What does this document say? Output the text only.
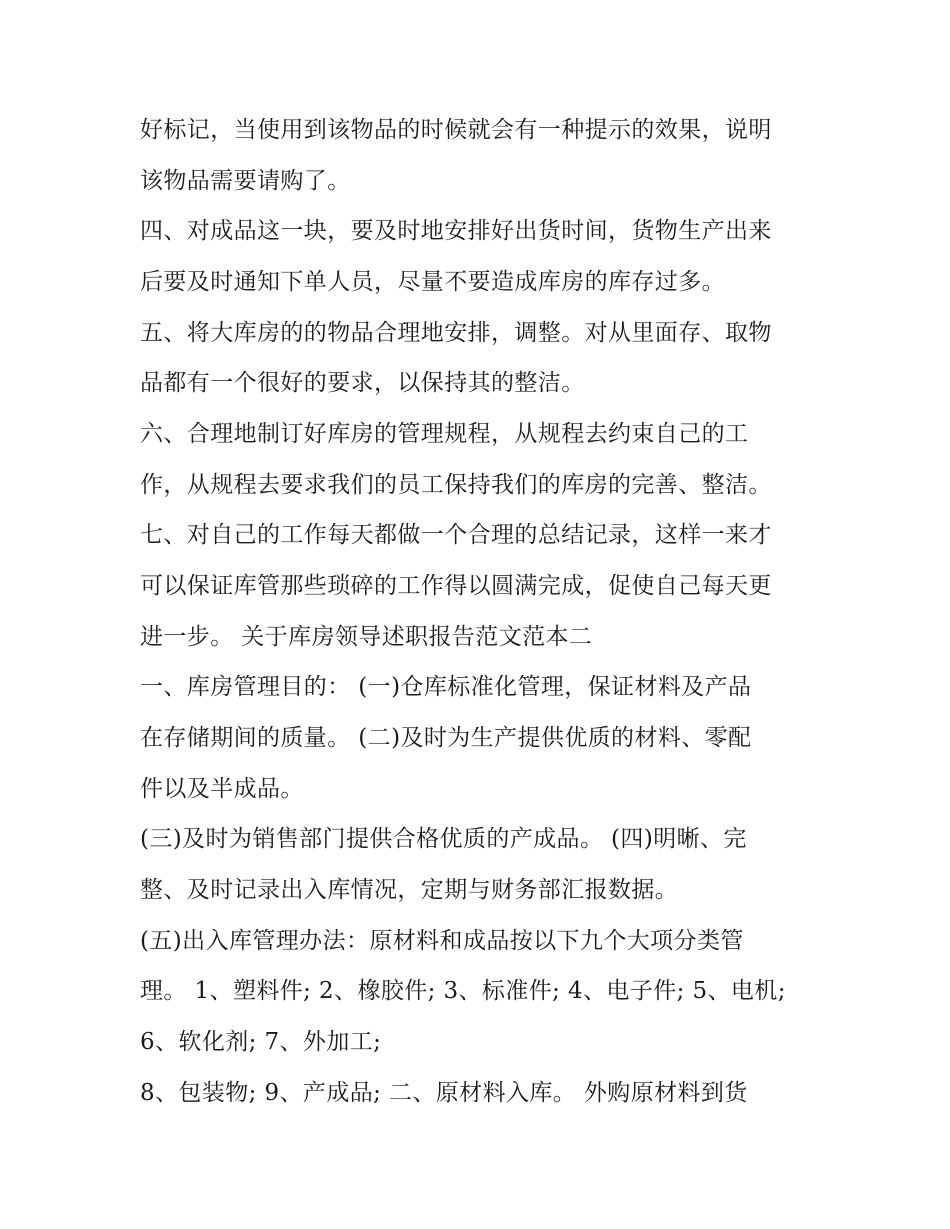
好标记，当使用到该物品的时候就会有一种提示的效果，说明
该物品需要请购了。
四、对成品这一块，要及时地安排好出货时间，货物生产出来
后要及时通知下单人员，尽量不要造成库房的库存过多。
五、将大库房的的物品合理地安排，调整。对从里面存、取物
品都有一个很好的要求，以保持其的整洁。
六、合理地制订好库房的管理规程，从规程去约束自己的工
作，从规程去要求我们的员工保持我们的库房的完善、整洁。
七、对自己的工作每天都做一个合理的总结记录，这样一来才
可以保证库管那些琐碎的工作得以圆满完成，促使自己每天更
进一步。 关于库房领导述职报告范文范本二
一、库房管理目的： (一)仓库标准化管理，保证材料及产品
在存储期间的质量。 (二)及时为生产提供优质的材料、零配
件以及半成品。
(三)及时为销售部门提供合格优质的产成品。 (四)明晰、完
整、及时记录出入库情况，定期与财务部汇报数据。
(五)出入库管理办法：原材料和成品按以下九个大项分类管
理。 1、塑料件; 2、橡胶件; 3、标准件; 4、电子件; 5、电机;
6、软化剂; 7、外加工;
8、包装物; 9、产成品; 二、原材料入库。 外购原材料到货
